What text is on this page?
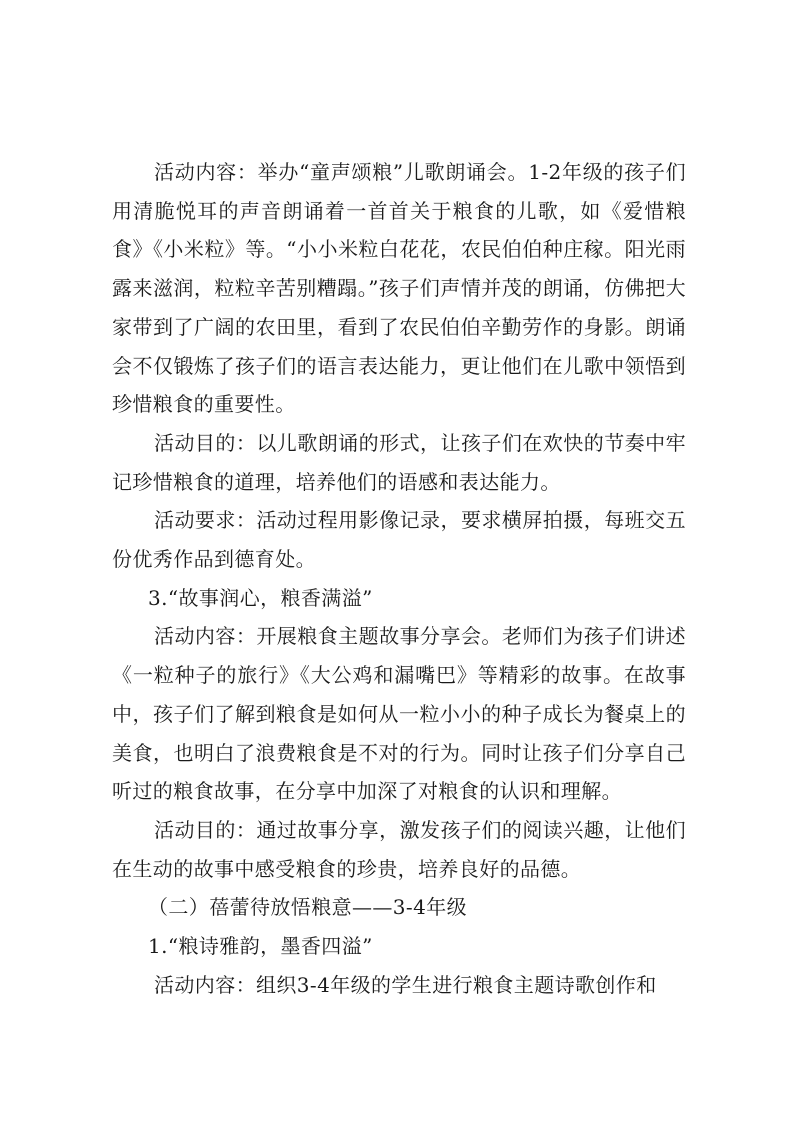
活动内容：举办“童声颂粮”儿歌朗诵会。1-2年级的孩子们用清脆悦耳的声音朗诵着一首首关于粮食的儿歌，如《爱惜粮食》《小米粒》等。“小小米粒白花花，农民伯伯种庄稼。阳光雨露来滋润，粒粒辛苦别糟蹋。”孩子们声情并茂的朗诵，仿佛把大家带到了广阔的农田里，看到了农民伯伯辛勤劳作的身影。朗诵会不仅锻炼了孩子们的语言表达能力，更让他们在儿歌中领悟到珍惜粮食的重要性。

活动目的：以儿歌朗诵的形式，让孩子们在欢快的节奏中牢记珍惜粮食的道理，培养他们的语感和表达能力。

活动要求：活动过程用影像记录，要求横屏拍摄，每班交五份优秀作品到德育处。

3.“故事润心，粮香满溢”

活动内容：开展粮食主题故事分享会。老师们为孩子们讲述《一粒种子的旅行》《大公鸡和漏嘴巴》等精彩的故事。在故事中，孩子们了解到粮食是如何从一粒小小的种子成长为餐桌上的美食，也明白了浪费粮食是不对的行为。同时让孩子们分享自己听过的粮食故事，在分享中加深了对粮食的认识和理解。

活动目的：通过故事分享，激发孩子们的阅读兴趣，让他们在生动的故事中感受粮食的珍贵，培养良好的品德。

（二）蓓蕾待放悟粮意——3-4年级

1.“粮诗雅韵，墨香四溢”

活动内容：组织3-4年级的学生进行粮食主题诗歌创作和
